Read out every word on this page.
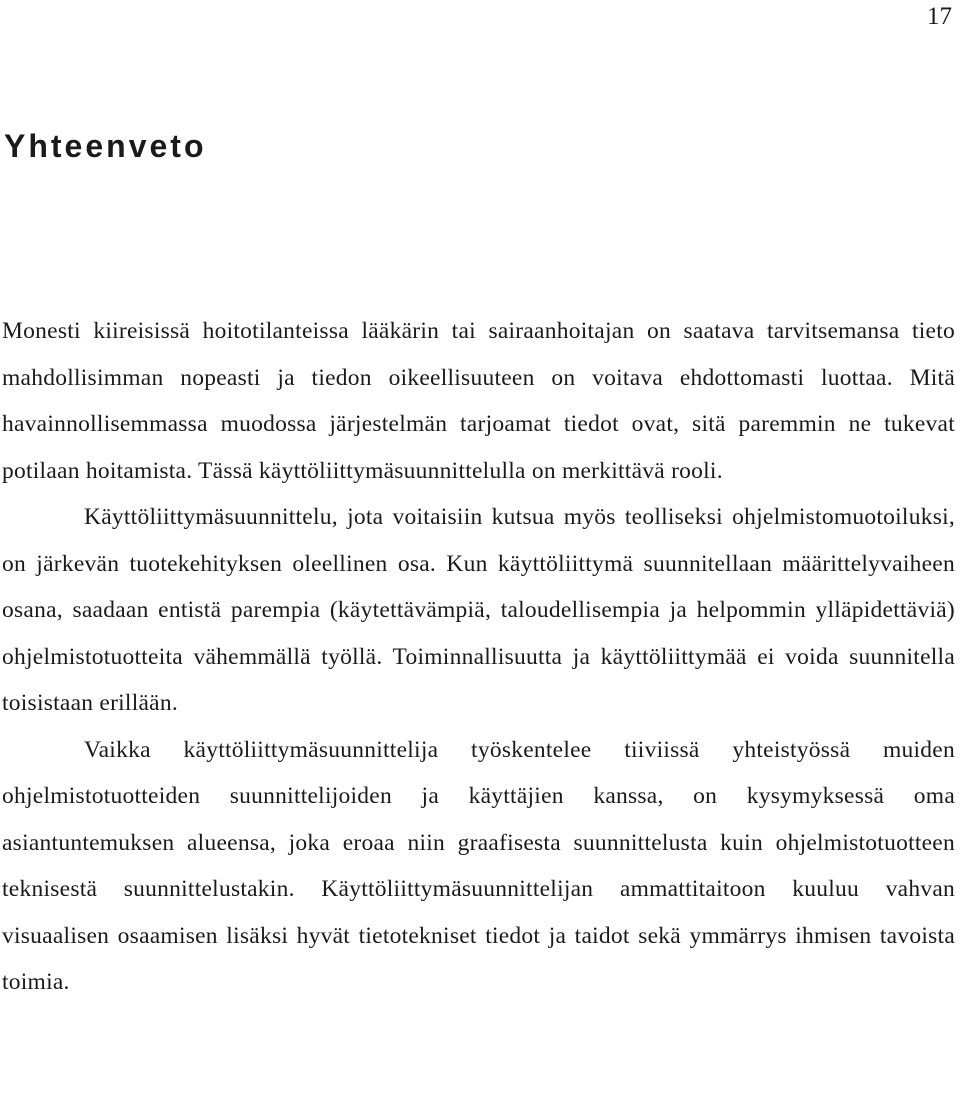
17
Yhteenveto

Monesti kiireisissä hoitotilanteissa lääkärin tai sairaanhoitajan on saatava tarvitsemansa tieto mahdollisimman nopeasti ja tiedon oikeellisuuteen on voitava ehdottomasti luottaa. Mitä havainnollisemmassa muodossa järjestelmän tarjoamat tiedot ovat, sitä paremmin ne tukevat potilaan hoitamista. Tässä käyttöliittymäsuunnittelulla on merkittävä rooli.

Käyttöliittymäsuunnittelu, jota voitaisiin kutsua myös teolliseksi ohjelmistomuotoiluksi, on järkevän tuotekehityksen oleellinen osa. Kun käyttöliittymä suunnitellaan määrittelyvaiheen osana, saadaan entistä parempia (käytettävämpiä, taloudellisempia ja helpommin ylläpidettäviä) ohjelmistotuotteita vähemmällä työllä. Toiminnallisuutta ja käyttöliittymää ei voida suunnitella toisistaan erillään.

Vaikka käyttöliittymäsuunnittelija työskentelee tiiviissä yhteistyössä muiden ohjelmistotuotteiden suunnittelijoiden ja käyttäjien kanssa, on kysymyksessä oma asiantuntemuksen alueensa, joka eroaa niin graafisesta suunnittelusta kuin ohjelmistotuotteen teknisestä suunnittelustakin. Käyttöliittymäsuunnittelijan ammattitaitoon kuuluu vahvan visuaalisen osaamisen lisäksi hyvät tietotekniset tiedot ja taidot sekä ymmärrys ihmisen tavoista toimia.
